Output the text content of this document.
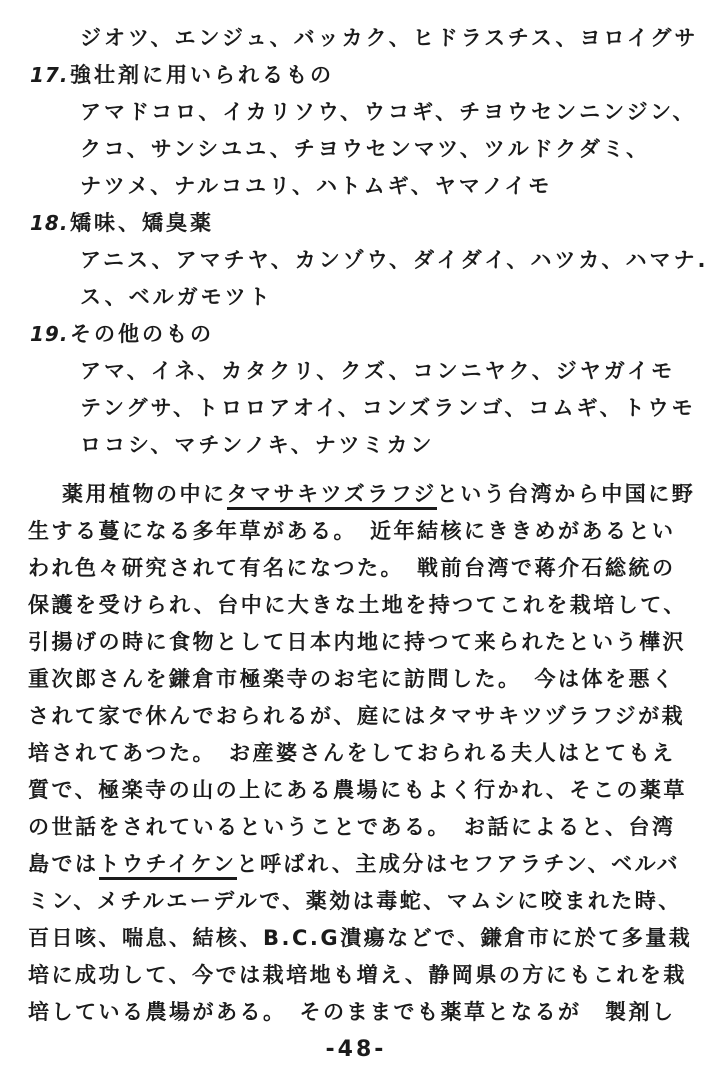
ジオツ、エンジュ、バッカク、ヒドラスチス、ヨロイグサ
17.強壮剤に用いられるもの
アマドコロ、イカリソウ、ウコギ、チヨウセンニンジン、
クコ、サンシユユ、チヨウセンマツ、ツルドクダミ、
ナツメ、ナルコユリ、ハトムギ、ヤマノイモ
18.矯味、矯臭薬
アニス、アマチヤ、カンゾウ、ダイダイ、ハツカ、ハマナ.
ス、ベルガモツト
19.その他のもの
アマ、イネ、カタクリ、クズ、コンニヤク、ジヤガイモ
テングサ、トロロアオイ、コンズランゴ、コムギ、トウモ
ロコシ、マチンノキ、ナツミカン
薬用植物の中にタマサキツズラフジという台湾から中国に野
生する蔓になる多年草がある。　近年結核にききめがあるとい
われ色々研究されて有名になつた。　戦前台湾で蒋介石総統の
保護を受けられ、台中に大きな土地を持つてこれを栽培して、
引揚げの時に食物として日本内地に持つて来られたという樺沢
重次郎さんを鎌倉市極楽寺のお宅に訪問した。　今は体を悪く
されて家で休んでおられるが、庭にはタマサキツヅラフジが栽
培されてあつた。　お産婆さんをしておられる夫人はとてもえ
質で、極楽寺の山の上にある農場にもよく行かれ、そこの薬草
の世話をされているということである。　お話によると、台湾
島ではトウチイケンと呼ばれ、主成分はセフアラチン、ベルバ
ミン、メチルエーデルで、薬効は毒蛇、マムシに咬まれた時、
百日咳、喘息、結核、B.C.G潰瘍などで、鎌倉市に於て多量栽
培に成功して、今では栽培地も増え、静岡県の方にもこれを栽
培している農場がある。　そのままでも薬草となるが　製剤し
-48-
